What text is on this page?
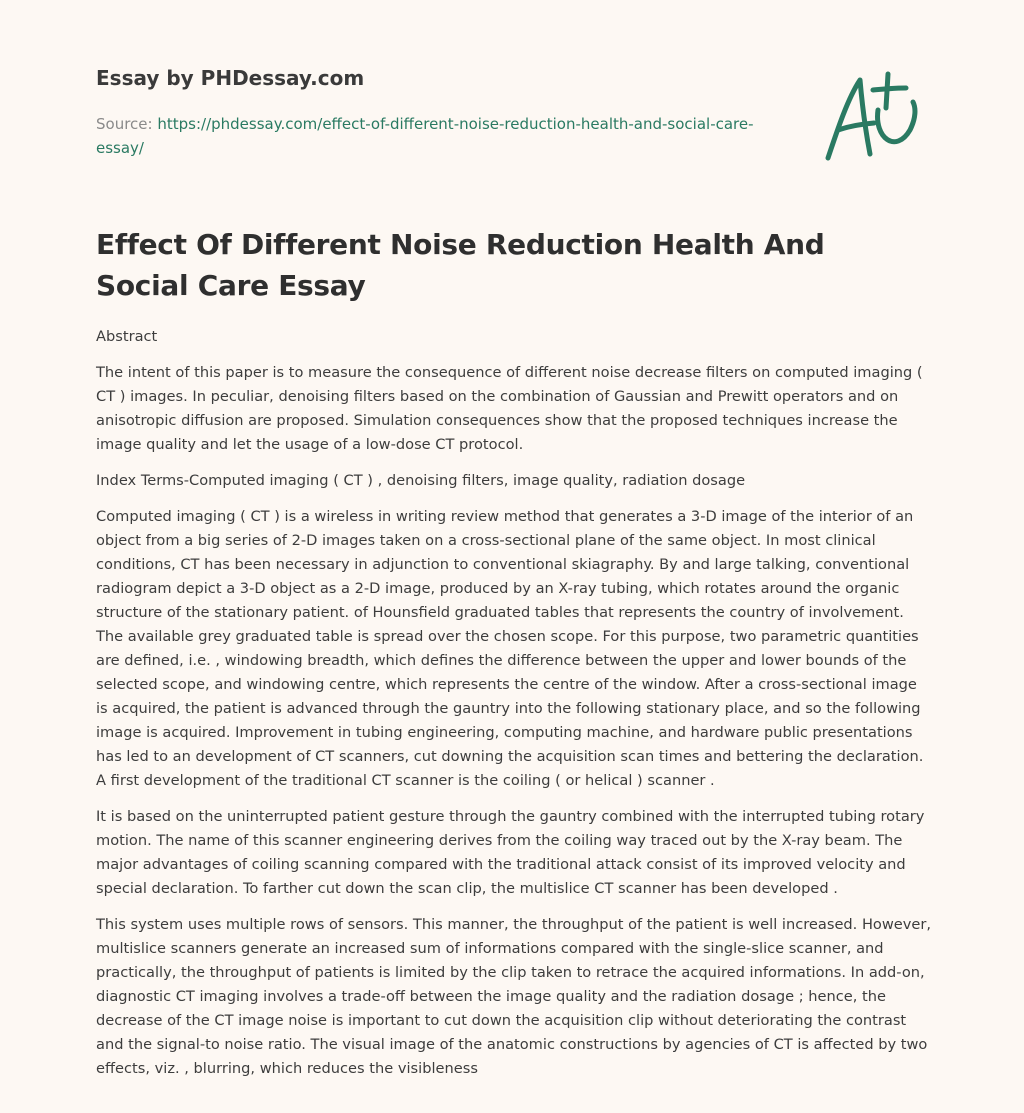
Essay by PHDessay.com
Source: https://phdessay.com/effect-of-different-noise-reduction-health-and-social-care-essay/
Effect Of Different Noise Reduction Health And Social Care Essay

Abstract

The intent of this paper is to measure the consequence of different noise decrease filters on computed imaging ( CT ) images. In peculiar, denoising filters based on the combination of Gaussian and Prewitt operators and on anisotropic diffusion are proposed. Simulation consequences show that the proposed techniques increase the image quality and let the usage of a low-dose CT protocol.

Index Terms-Computed imaging ( CT ) , denoising filters, image quality, radiation dosage

Computed imaging ( CT ) is a wireless in writing review method that generates a 3-D image of the interior of an object from a big series of 2-D images taken on a cross-sectional plane of the same object. In most clinical conditions, CT has been necessary in adjunction to conventional skiagraphy. By and large talking, conventional radiogram depict a 3-D object as a 2-D image, produced by an X-ray tubing, which rotates around the organic structure of the stationary patient. of Hounsfield graduated tables that represents the country of involvement. The available grey graduated table is spread over the chosen scope. For this purpose, two parametric quantities are defined, i.e. , windowing breadth, which defines the difference between the upper and lower bounds of the selected scope, and windowing centre, which represents the centre of the window. After a cross-sectional image is acquired, the patient is advanced through the gauntry into the following stationary place, and so the following image is acquired. Improvement in tubing engineering, computing machine, and hardware public presentations has led to an development of CT scanners, cut downing the acquisition scan times and bettering the declaration. A first development of the traditional CT scanner is the coiling ( or helical ) scanner .

It is based on the uninterrupted patient gesture through the gauntry combined with the interrupted tubing rotary motion. The name of this scanner engineering derives from the coiling way traced out by the X-ray beam. The major advantages of coiling scanning compared with the traditional attack consist of its improved velocity and special declaration. To farther cut down the scan clip, the multislice CT scanner has been developed .

This system uses multiple rows of sensors. This manner, the throughput of the patient is well increased. However, multislice scanners generate an increased sum of informations compared with the single-slice scanner, and practically, the throughput of patients is limited by the clip taken to retrace the acquired informations. In add-on, diagnostic CT imaging involves a trade-off between the image quality and the radiation dosage ; hence, the decrease of the CT image noise is important to cut down the acquisition clip without deteriorating the contrast and the signal-to noise ratio. The visual image of the anatomic constructions by agencies of CT is affected by two effects, viz. , blurring, which reduces the visibleness
